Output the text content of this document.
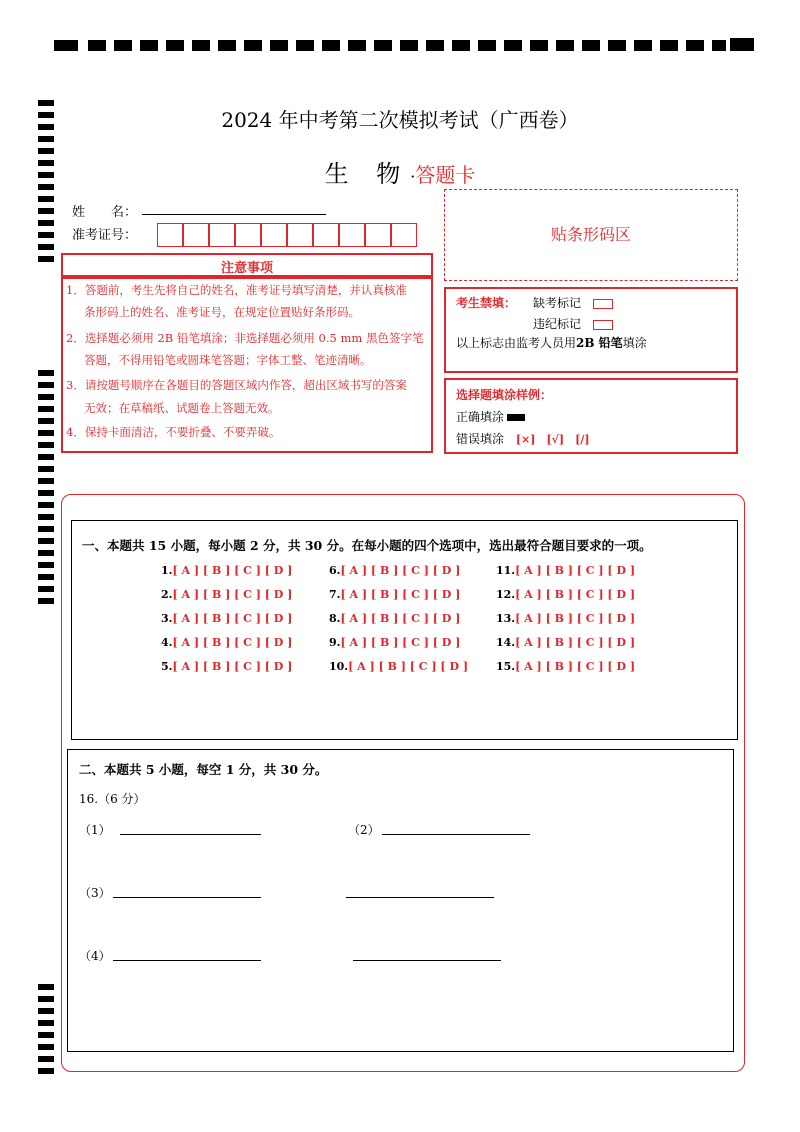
2024 年中考第二次模拟考试（广西卷）
生 物·答题卡
姓　　名：
准考证号：	贴条形码区
注意事项
1．答题前，考生先将自己的姓名，准考证号填写清楚，并认真核准
条形码上的姓名、准考证号，在规定位置贴好条形码。
2．选择题必须用 2B 铅笔填涂；非选择题必须用 0.5 mm 黑色签字笔
答题，不得用铅笔或圆珠笔答题；字体工整、笔迹清晰。
3．请按题号顺序在各题目的答题区域内作答，超出区域书写的答案
无效；在草稿纸、试题卷上答题无效。
4．保持卡面清洁，不要折叠、不要弄破。
考生禁填： 缺考标记
违纪标记
以上标志由监考人员用2B 铅笔填涂
选择题填涂样例：
正确填涂
错误填涂 [×]　[√]　[/]
一、本题共 15 小题，每小题 2 分，共 30 分。在每小题的四个选项中，选出最符合题目要求的一项。
1.[ A ] [ B ] [ C ] [ D ]
2.[ A ] [ B ] [ C ] [ D ]
3.[ A ] [ B ] [ C ] [ D ]
4.[ A ] [ B ] [ C ] [ D ]
5.[ A ] [ B ] [ C ] [ D ]
6.[ A ] [ B ] [ C ] [ D ]
7.[ A ] [ B ] [ C ] [ D ]
8.[ A ] [ B ] [ C ] [ D ]
9.[ A ] [ B ] [ C ] [ D ]
10.[ A ] [ B ] [ C ] [ D ]
11.[ A ] [ B ] [ C ] [ D ]
12.[ A ] [ B ] [ C ] [ D ]
13.[ A ] [ B ] [ C ] [ D ]
14.[ A ] [ B ] [ C ] [ D ]
15.[ A ] [ B ] [ C ] [ D ]
二、本题共 5 小题，每空 1 分，共 30 分。
16.（6 分）
（1）	（2）
（3）
（4）
